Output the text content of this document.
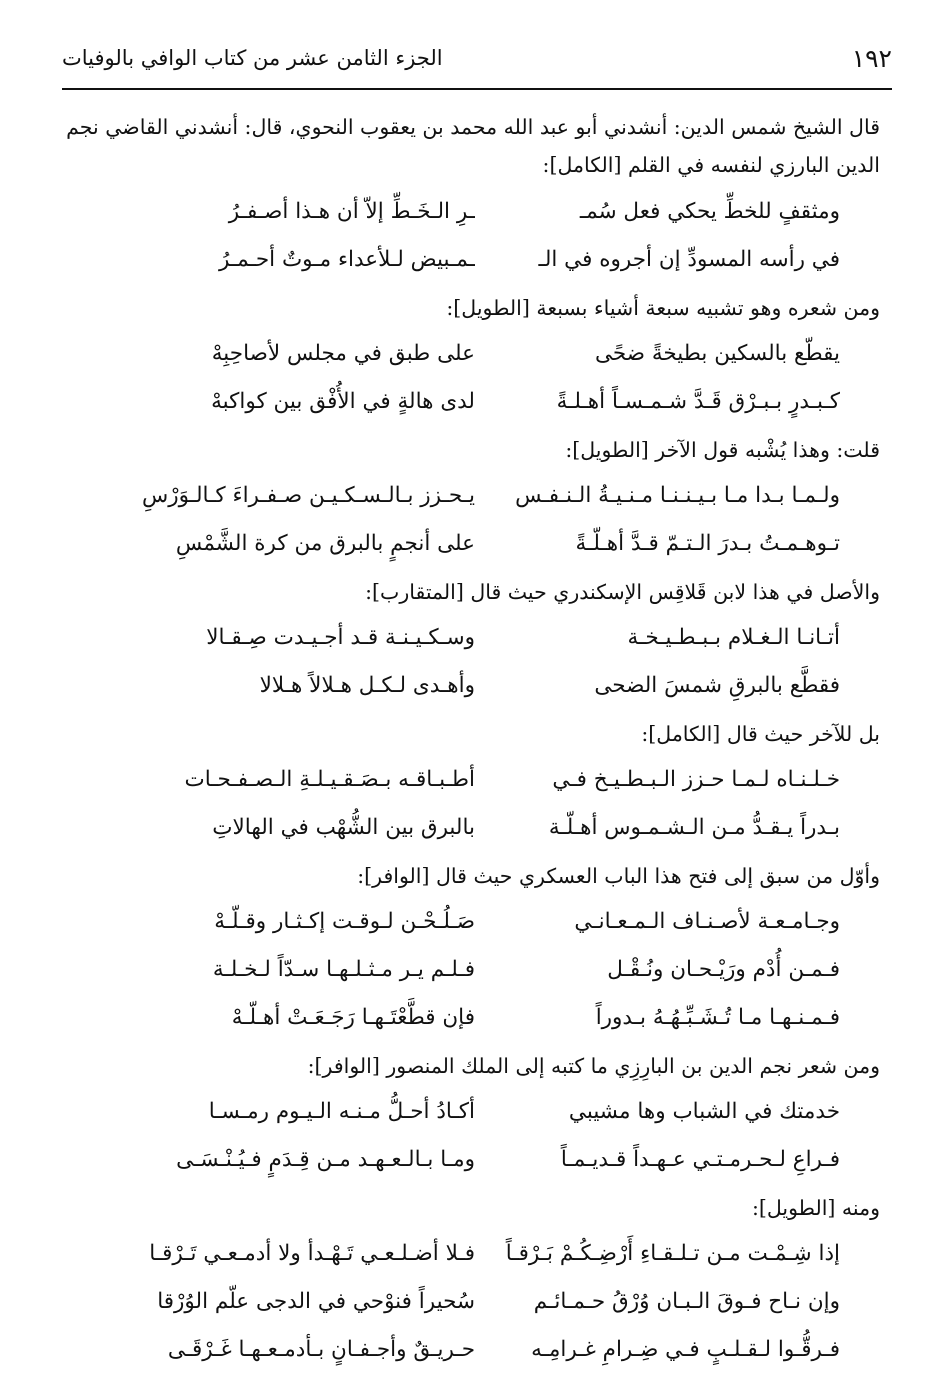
١٩٢
الجزء الثامن عشر من كتاب الوافي بالوفيات
قال الشيخ شمس الدين: أنشدني أبو عبد الله محمد بن يعقوب النحوي، قال: أنشدني القاضي نجم الدين البارزي لنفسه في القلم [الكامل]:
ومثقفٍ للخطِّ يحكي فعل سُمـ
ـرِ الـخَـطِّ إلاّ أن هـذا أصـفـرُ
في رأسه المسودِّ إن أجروه في الـ
ـمـبيض لـلأعداء مـوتٌ أحـمـرُ
ومن شعره وهو تشبيه سبعة أشياء بسبعة [الطويل]:
يقطّع بالسكين بطيخةً ضحًى
على طبق في مجلس لأصاحِبِهْ
كـبـدرٍ بـبـرْق قَـدَّ شـمـسـاً أهـلـةً
لدى هالةٍ في الأُفْق بين كواكبهْ
قلت: وهذا يُشْبه قول الآخر [الطويل]:
ولـمـا بـدا مـا بـيـنـنـا مـنـيـةُ الـنـفـس
يـحـزز بـالـسـكـيـن صـفـراءَ كـالـوَرْسِ
تـوهـمـتُ بـدرَ الـتـمّ قـدَّ أهـلّـةً
على أنجمٍ بالبرق من كرة الشَّمْسِ
والأصل في هذا لابن قَلاقِس الإسكندري حيث قال [المتقارب]:
أتـانـا الـغـلام بـبـطـيـخـة
وسـكـيـنـة قـد أجـيـدت صِـقـالا
فقطَّع بالبرقِ شمسَ الضحى
وأهـدى لـكـل هـلالاً هـلالا
بل للآخر حيث قال [الكامل]:
خـلـنـاه لـمـا حـزز الـبـطـيـخ فـي
أطـبـاقـه بـصَـقـيـلـةِ الـصـفـحـات
بـدراً يـقـدُّ مـن الـشـمـوس أهـلّـة
بالبرق بين الشُّهْب في الهالاتِ
وأوّل من سبق إلى فتح هذا الباب العسكري حيث قال [الوافر]:
وجـامـعـة لأصـنـاف الـمـعـانـي
صَـلُـحْـن لـوقـت إكـثـار وقـلّـهْ
فـمـن أُدْم ورَيْـحـان ونُـقْـل
فـلـم يـر مـثـلـهـا سـدّاً لـخـلـة
فـمـنـهـا مـا تُـشَـبِّـهُـهُ بـدوراً
فإن قطَّعْتَـهـا رَجَـعَـتْ أهـلّـهْ
ومن شعر نجم الدين بن البارِزِي ما كتبه إلى الملك المنصور [الوافر]:
خدمتك في الشباب وها مشيبي
أكـادُ أحـلُّ مـنـه الـيـوم رمـسـا
فـراعِ لـحـرمـتـي عـهـداً قـديـمـاً
ومـا بـالـعـهـد مـن قِـدَمٍ فـيُـنْـسَـى
ومنه [الطويل]:
إذا شِـمْـت مـن تـلـقـاءِ أَرْضِـكُـمْ بَـرْقـاً
فـلا أضـلـعـي تَـهْـدأ ولا أدمـعـي تَـرْقـا
وإن نـاح فـوقَ الـبـان وُرْقُ حـمـائـم
سُحيراً فنوْحي في الدجى علّم الوُرْقا
فـرقُّـوا لـقـلـبٍ فـي ضِـرامِ غـرامِـه
حـريـقٌ وأجـفـانٍ بـأدمـعـهـا غَـرْقَـى
